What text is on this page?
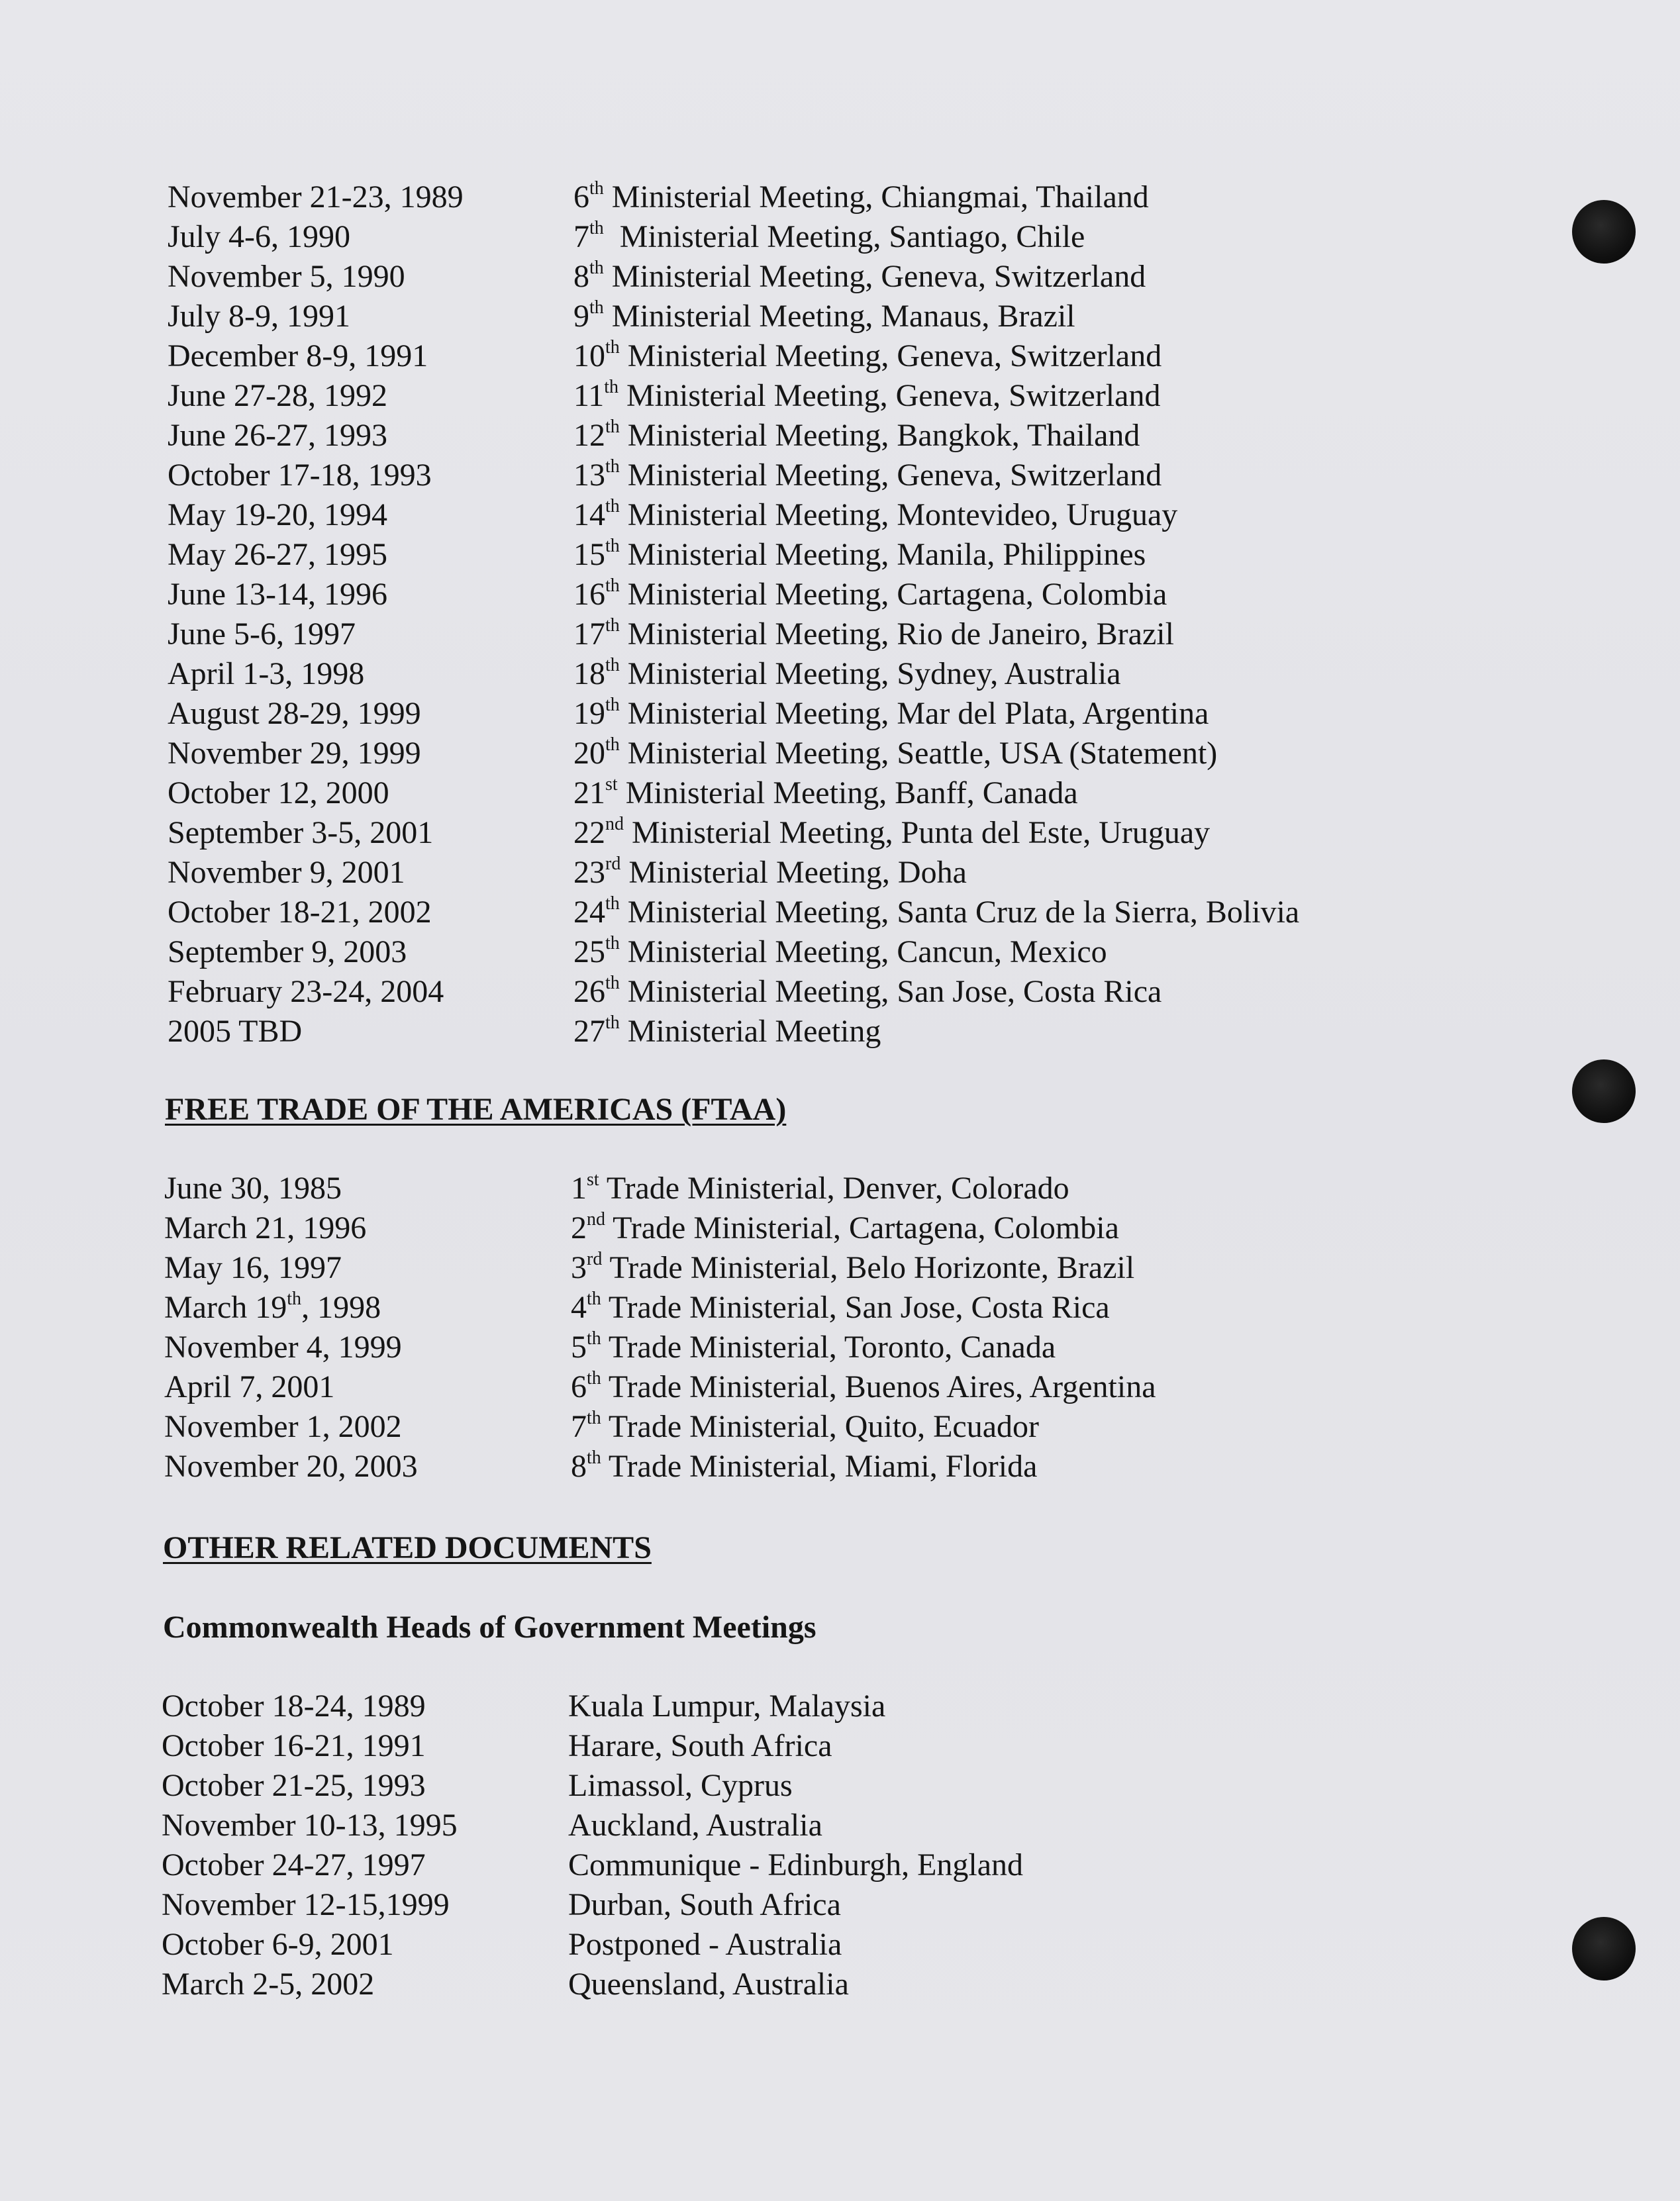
November 21-23, 1989	6th Ministerial Meeting, Chiangmai, Thailand
July 4-6, 1990	7th  Ministerial Meeting, Santiago, Chile
November 5, 1990	8th Ministerial Meeting, Geneva, Switzerland
July 8-9, 1991	9th Ministerial Meeting, Manaus, Brazil
December 8-9, 1991	10th Ministerial Meeting, Geneva, Switzerland
June 27-28, 1992	11th Ministerial Meeting, Geneva, Switzerland
June 26-27, 1993	12th Ministerial Meeting, Bangkok, Thailand
October 17-18, 1993	13th Ministerial Meeting, Geneva, Switzerland
May 19-20, 1994	14th Ministerial Meeting, Montevideo, Uruguay
May 26-27, 1995	15th Ministerial Meeting, Manila, Philippines
June 13-14, 1996	16th Ministerial Meeting, Cartagena, Colombia
June 5-6, 1997	17th Ministerial Meeting, Rio de Janeiro, Brazil
April 1-3, 1998	18th Ministerial Meeting, Sydney, Australia
August 28-29, 1999	19th Ministerial Meeting, Mar del Plata, Argentina
November 29, 1999	20th Ministerial Meeting, Seattle, USA (Statement)
October 12, 2000	21st Ministerial Meeting, Banff, Canada
September 3-5, 2001	22nd Ministerial Meeting, Punta del Este, Uruguay
November 9, 2001	23rd Ministerial Meeting, Doha
October 18-21, 2002	24th Ministerial Meeting, Santa Cruz de la Sierra, Bolivia
September 9, 2003	25th Ministerial Meeting, Cancun, Mexico
February 23-24, 2004	26th Ministerial Meeting, San Jose, Costa Rica
2005 TBD	27th Ministerial Meeting
FREE TRADE OF THE AMERICAS (FTAA)
June 30, 1985	1st Trade Ministerial, Denver, Colorado
March 21, 1996	2nd Trade Ministerial, Cartagena, Colombia
May 16, 1997	3rd Trade Ministerial, Belo Horizonte, Brazil
March 19th, 1998	4th Trade Ministerial, San Jose, Costa Rica
November 4, 1999	5th Trade Ministerial, Toronto, Canada
April 7, 2001	6th Trade Ministerial, Buenos Aires, Argentina
November 1, 2002	7th Trade Ministerial, Quito, Ecuador
November 20, 2003	8th Trade Ministerial, Miami, Florida
OTHER RELATED DOCUMENTS
Commonwealth Heads of Government Meetings
October 18-24, 1989	Kuala Lumpur, Malaysia
October 16-21, 1991	Harare, South Africa
October 21-25, 1993	Limassol, Cyprus
November 10-13, 1995	Auckland, Australia
October 24-27, 1997	Communique - Edinburgh, England
November 12-15,1999	Durban, South Africa
October 6-9, 2001	Postponed - Australia
March 2-5, 2002	Queensland, Australia
